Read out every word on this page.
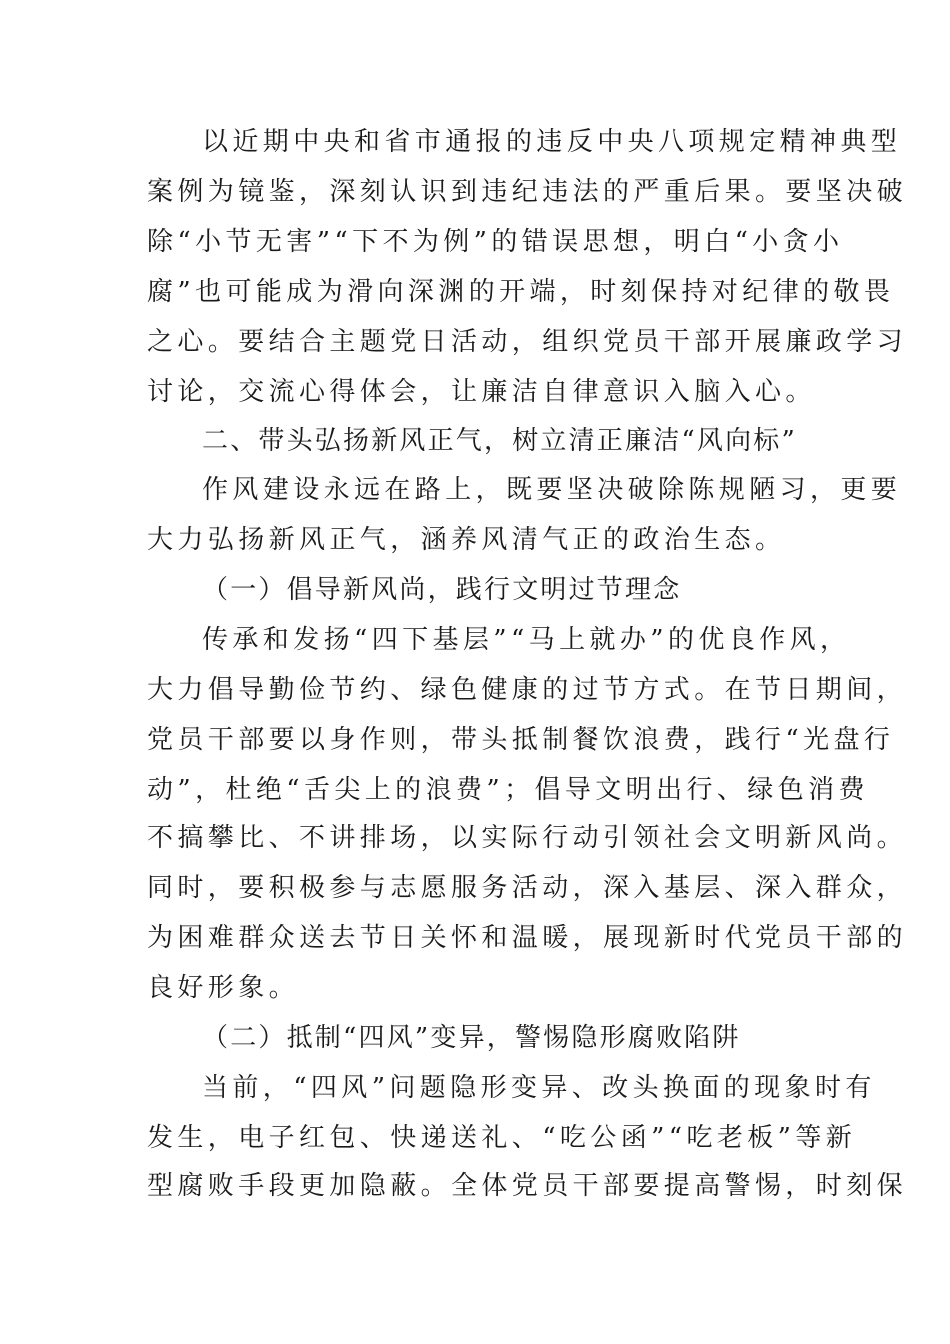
以近期中央和省市通报的违反中央八项规定精神典型
案例为镜鉴，深刻认识到违纪违法的严重后果。要坚决破
除“小节无害”“下不为例”的错误思想，明白“小贪小
腐”也可能成为滑向深渊的开端，时刻保持对纪律的敬畏
之心。要结合主题党日活动，组织党员干部开展廉政学习
讨论，交流心得体会，让廉洁自律意识入脑入心。
二、带头弘扬新风正气，树立清正廉洁“风向标”
作风建设永远在路上，既要坚决破除陈规陋习，更要
大力弘扬新风正气，涵养风清气正的政治生态。
（一）倡导新风尚，践行文明过节理念
传承和发扬“四下基层”“马上就办”的优良作风，
大力倡导勤俭节约、绿色健康的过节方式。在节日期间，
党员干部要以身作则，带头抵制餐饮浪费，践行“光盘行
动”，杜绝“舌尖上的浪费”；倡导文明出行、绿色消费
不搞攀比、不讲排场，以实际行动引领社会文明新风尚。
同时，要积极参与志愿服务活动，深入基层、深入群众，
为困难群众送去节日关怀和温暖，展现新时代党员干部的
良好形象。
（二）抵制“四风”变异，警惕隐形腐败陷阱
当前，“四风”问题隐形变异、改头换面的现象时有
发生，电子红包、快递送礼、“吃公函”“吃老板”等新
型腐败手段更加隐蔽。全体党员干部要提高警惕，时刻保
